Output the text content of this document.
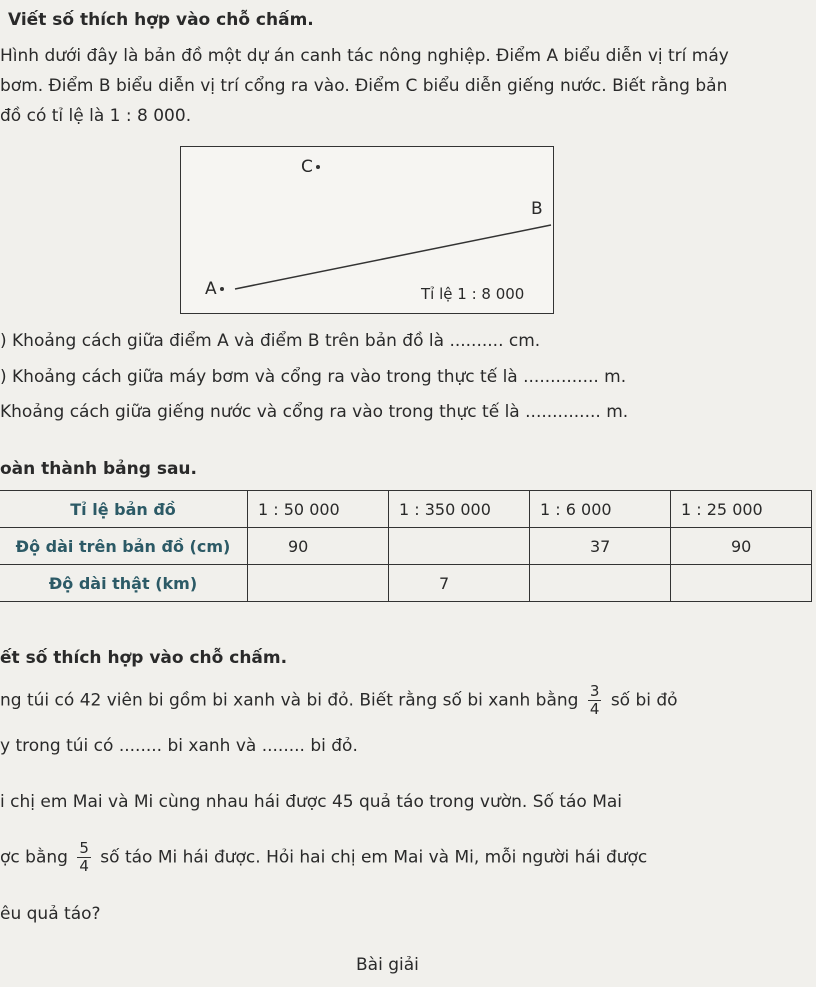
Viết số thích hợp vào chỗ chấm.
Hình dưới đây là bản đồ một dự án canh tác nông nghiệp. Điểm A biểu diễn vị trí máy
bơm. Điểm B biểu diễn vị trí cổng ra vào. Điểm C biểu diễn giếng nước. Biết rằng bản
đồ có tỉ lệ là 1 : 8 000.
C
B
A	Tỉ lệ 1 : 8 000
) Khoảng cách giữa điểm A và điểm B trên bản đồ là .......... cm.
) Khoảng cách giữa máy bơm và cổng ra vào trong thực tế là .............. m.
Khoảng cách giữa giếng nước và cổng ra vào trong thực tế là .............. m.
oàn thành bảng sau.
Tỉ lệ bản đồ	1 : 50 000	1 : 350 000	1 : 6 000	1 : 25 000
Độ dài trên bản đồ (cm)	90		37	90
Độ dài thật (km)		7		
ết số thích hợp vào chỗ chấm.
ng túi có 42 viên bi gồm bi xanh và bi đỏ. Biết rằng số bi xanh bằng $\frac{3}{4}$ số bi đỏ
y trong túi có ........ bi xanh và ........ bi đỏ.
i chị em Mai và Mi cùng nhau hái được 45 quả táo trong vườn. Số táo Mai
ợc bằng $\frac{5}{4}$ số táo Mi hái được. Hỏi hai chị em Mai và Mi, mỗi người hái được
êu quả táo?
Bài giải
